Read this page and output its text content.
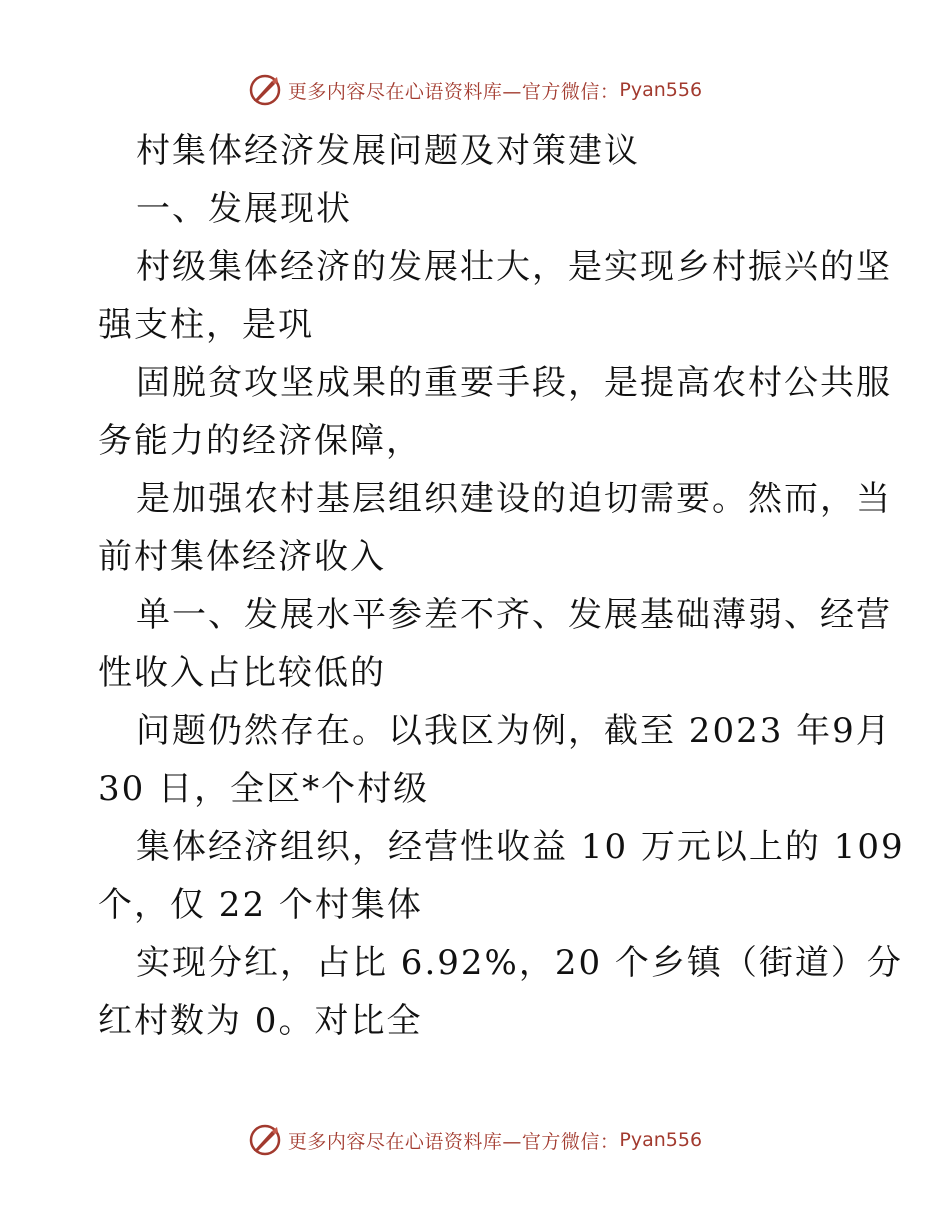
更多内容尽在心语资料库—官方微信： Pyan556
村集体经济发展问题及对策建议
一、发展现状
村级集体经济的发展壮大，是实现乡村振兴的坚
强支柱，是巩
固脱贫攻坚成果的重要手段，是提高农村公共服
务能力的经济保障，
是加强农村基层组织建设的迫切需要。然而，当
前村集体经济收入
单一、发展水平参差不齐、发展基础薄弱、经营
性收入占比较低的
问题仍然存在。以我区为例，截至 2023 年9月
30 日，全区*个村级
集体经济组织，经营性收益 10 万元以上的 109
个，仅 22 个村集体
实现分红，占比 6.92%，20 个乡镇（街道）分
红村数为 0。对比全
更多内容尽在心语资料库—官方微信： Pyan556
